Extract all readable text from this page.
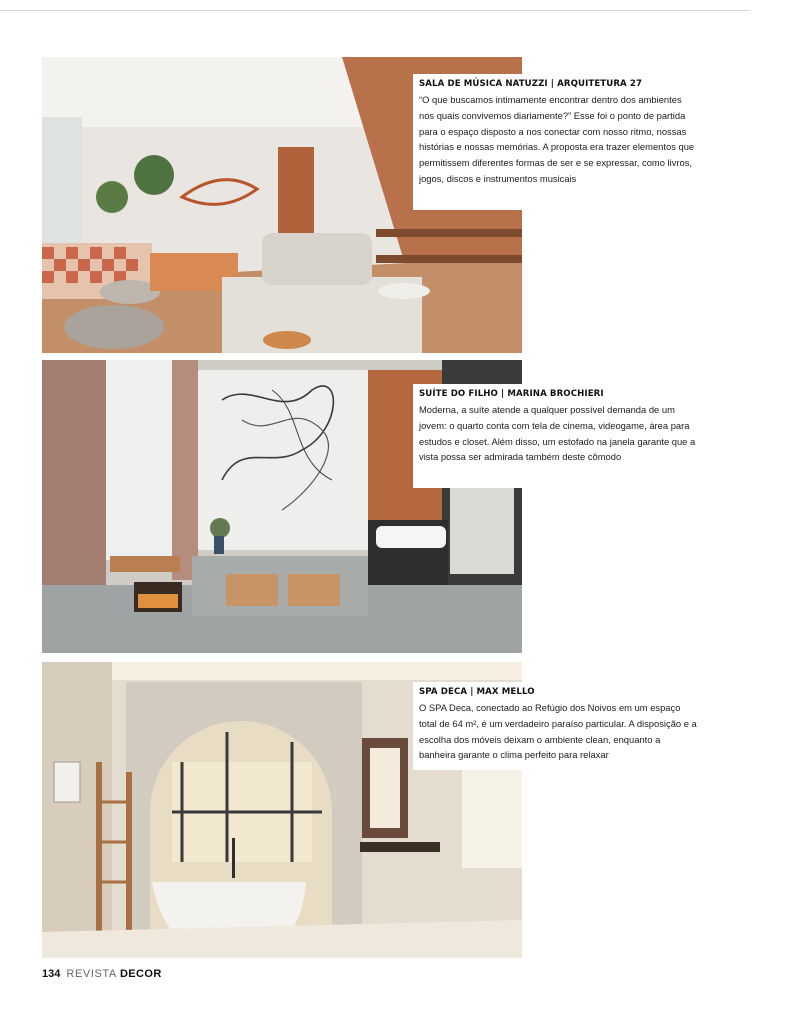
SALA DE MÚSICA NATUZZI | ARQUITETURA 27

“O que buscamos intimamente encontrar dentro dos ambientes nos quais convivemos diariamente?” Esse foi o ponto de partida para o espaço disposto a nos conectar com nosso ritmo, nossas histórias e nossas memórias. A proposta era trazer elementos que permitissem diferentes formas de ser e se expressar, como livros, jogos, discos e instrumentos musicais

SUÍTE DO FILHO | MARINA BROCHIERI

Moderna, a suíte atende a qualquer possível demanda de um jovem: o quarto conta com tela de cinema, videogame, área para estudos e closet. Além disso, um estofado na janela garante que a vista possa ser admirada também deste cômodo

SPA DECA | MAX MELLO

O SPA Deca, conectado ao Refúgio dos Noivos em um espaço total de 64 m², é um verdadeiro paraíso particular. A disposição e a escolha dos móveis deixam o ambiente clean, enquanto a banheira garante o clima perfeito para relaxar

134 REVISTA DECOR
